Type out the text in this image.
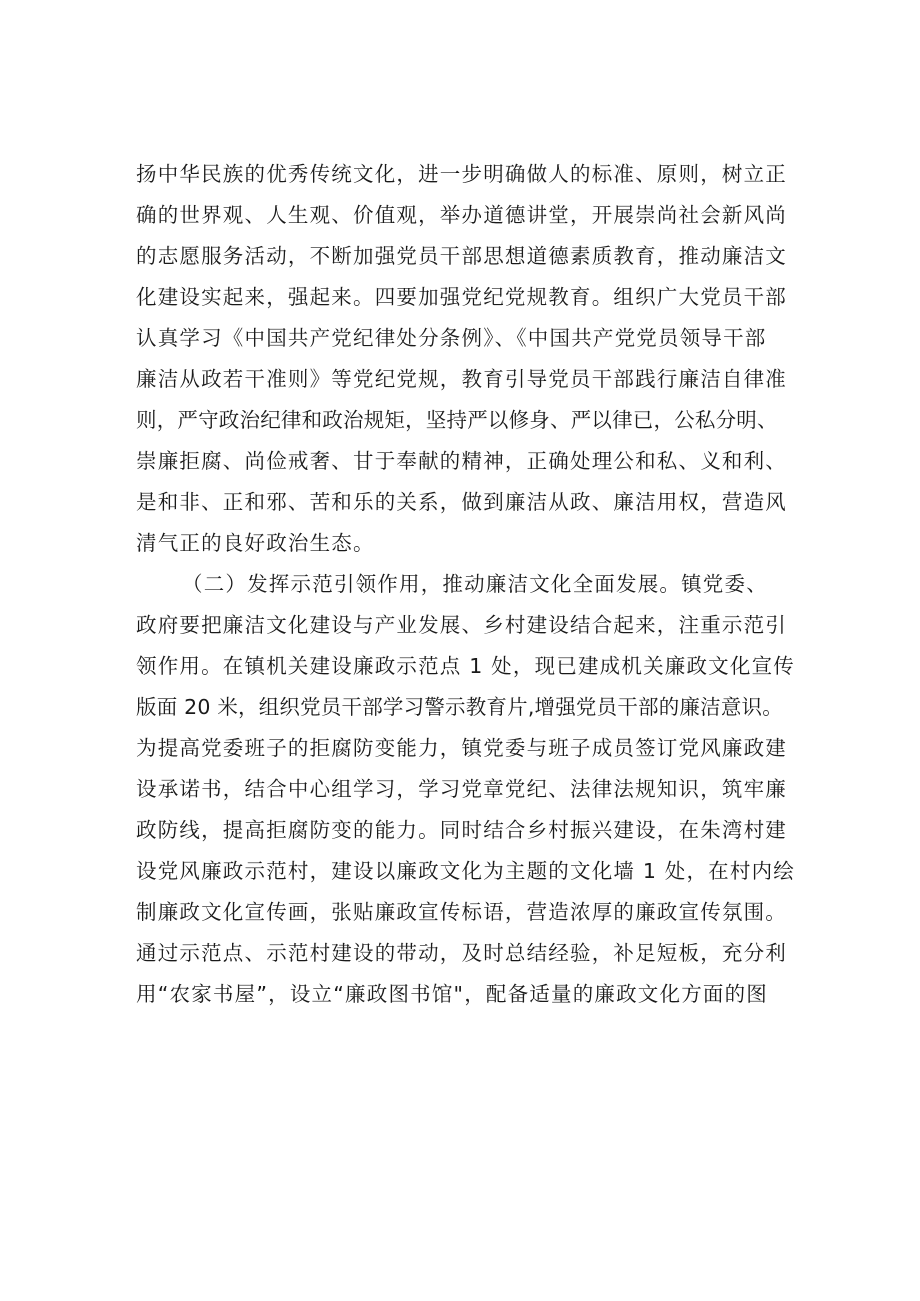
扬中华民族的优秀传统文化，进一步明确做人的标准、原则，树立正
确的世界观、人生观、价值观，举办道德讲堂，开展崇尚社会新风尚
的志愿服务活动，不断加强党员干部思想道德素质教育，推动廉洁文
化建设实起来，强起来。四要加强党纪党规教育。组织广大党员干部
认真学习《中国共产党纪律处分条例》、《中国共产党党员领导干部
廉洁从政若干准则》等党纪党规，教育引导党员干部践行廉洁自律准
则，严守政治纪律和政治规矩，坚持严以修身、严以律已，公私分明、
崇廉拒腐、尚俭戒奢、甘于奉献的精神，正确处理公和私、义和利、
是和非、正和邪、苦和乐的关系，做到廉洁从政、廉洁用权，营造风
清气正的良好政治生态。
（二）发挥示范引领作用，推动廉洁文化全面发展。镇党委、
政府要把廉洁文化建设与产业发展、乡村建设结合起来，注重示范引
领作用。在镇机关建设廉政示范点 1 处，现已建成机关廉政文化宣传
版面 20 米，组织党员干部学习警示教育片,增强党员干部的廉洁意识。
为提高党委班子的拒腐防变能力，镇党委与班子成员签订党风廉政建
设承诺书，结合中心组学习，学习党章党纪、法律法规知识，筑牢廉
政防线，提高拒腐防变的能力。同时结合乡村振兴建设，在朱湾村建
设党风廉政示范村，建设以廉政文化为主题的文化墙 1 处，在村内绘
制廉政文化宣传画，张贴廉政宣传标语，营造浓厚的廉政宣传氛围。
通过示范点、示范村建设的带动，及时总结经验，补足短板，充分利
用“农家书屋”，设立“廉政图书馆"，配备适量的廉政文化方面的图
